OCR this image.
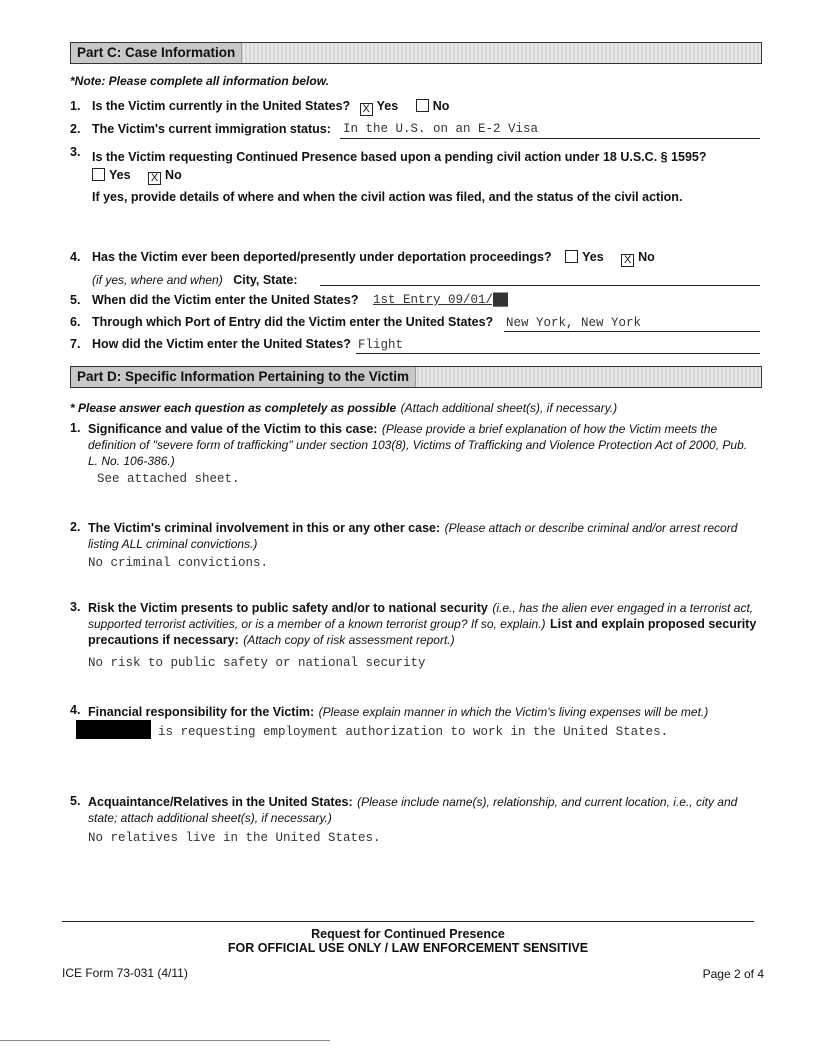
Part C: Case Information
*Note: Please complete all information below.
1. Is the Victim currently in the United States? X Yes	No
2. The Victim's current immigration status: In the U.S. on an E-2 Visa
3. Is the Victim requesting Continued Presence based upon a pending civil action under 18 U.S.C. § 1595?
Yes X No
If yes, provide details of where and when the civil action was filed, and the status of the civil action.
4. Has the Victim ever been deported/presently under deportation proceedings? Yes X No
(if yes, where and when) City, State:
5. When did the Victim enter the United States? 1st Entry 09/01/██
6. Through which Port of Entry did the Victim enter the United States? New York, New York
7. How did the Victim enter the United States? Flight
Part D: Specific Information Pertaining to the Victim
* Please answer each question as completely as possible (Attach additional sheet(s), if necessary.)
1. Significance and value of the Victim to this case: (Please provide a brief explanation of how the Victim meets the definition of "severe form of trafficking" under section 103(8), Victims of Trafficking and Violence Protection Act of 2000, Pub. L. No. 106-386.)
See attached sheet.
2. The Victim's criminal involvement in this or any other case: (Please attach or describe criminal and/or arrest record listing ALL criminal convictions.)
No criminal convictions.
3. Risk the Victim presents to public safety and/or to national security (i.e., has the alien ever engaged in a terrorist act, supported terrorist activities, or is a member of a known terrorist group? If so, explain.) List and explain proposed security precautions if necessary: (Attach copy of risk assessment report.)
No risk to public safety or national security
4. Financial responsibility for the Victim: (Please explain manner in which the Victim's living expenses will be met.)
is requesting employment authorization to work in the United States.
5. Acquaintance/Relatives in the United States: (Please include name(s), relationship, and current location, i.e., city and state; attach additional sheet(s), if necessary.)
No relatives live in the United States.
Request for Continued Presence
FOR OFFICIAL USE ONLY / LAW ENFORCEMENT SENSITIVE
ICE Form 73-031 (4/11)	Page 2 of 4
